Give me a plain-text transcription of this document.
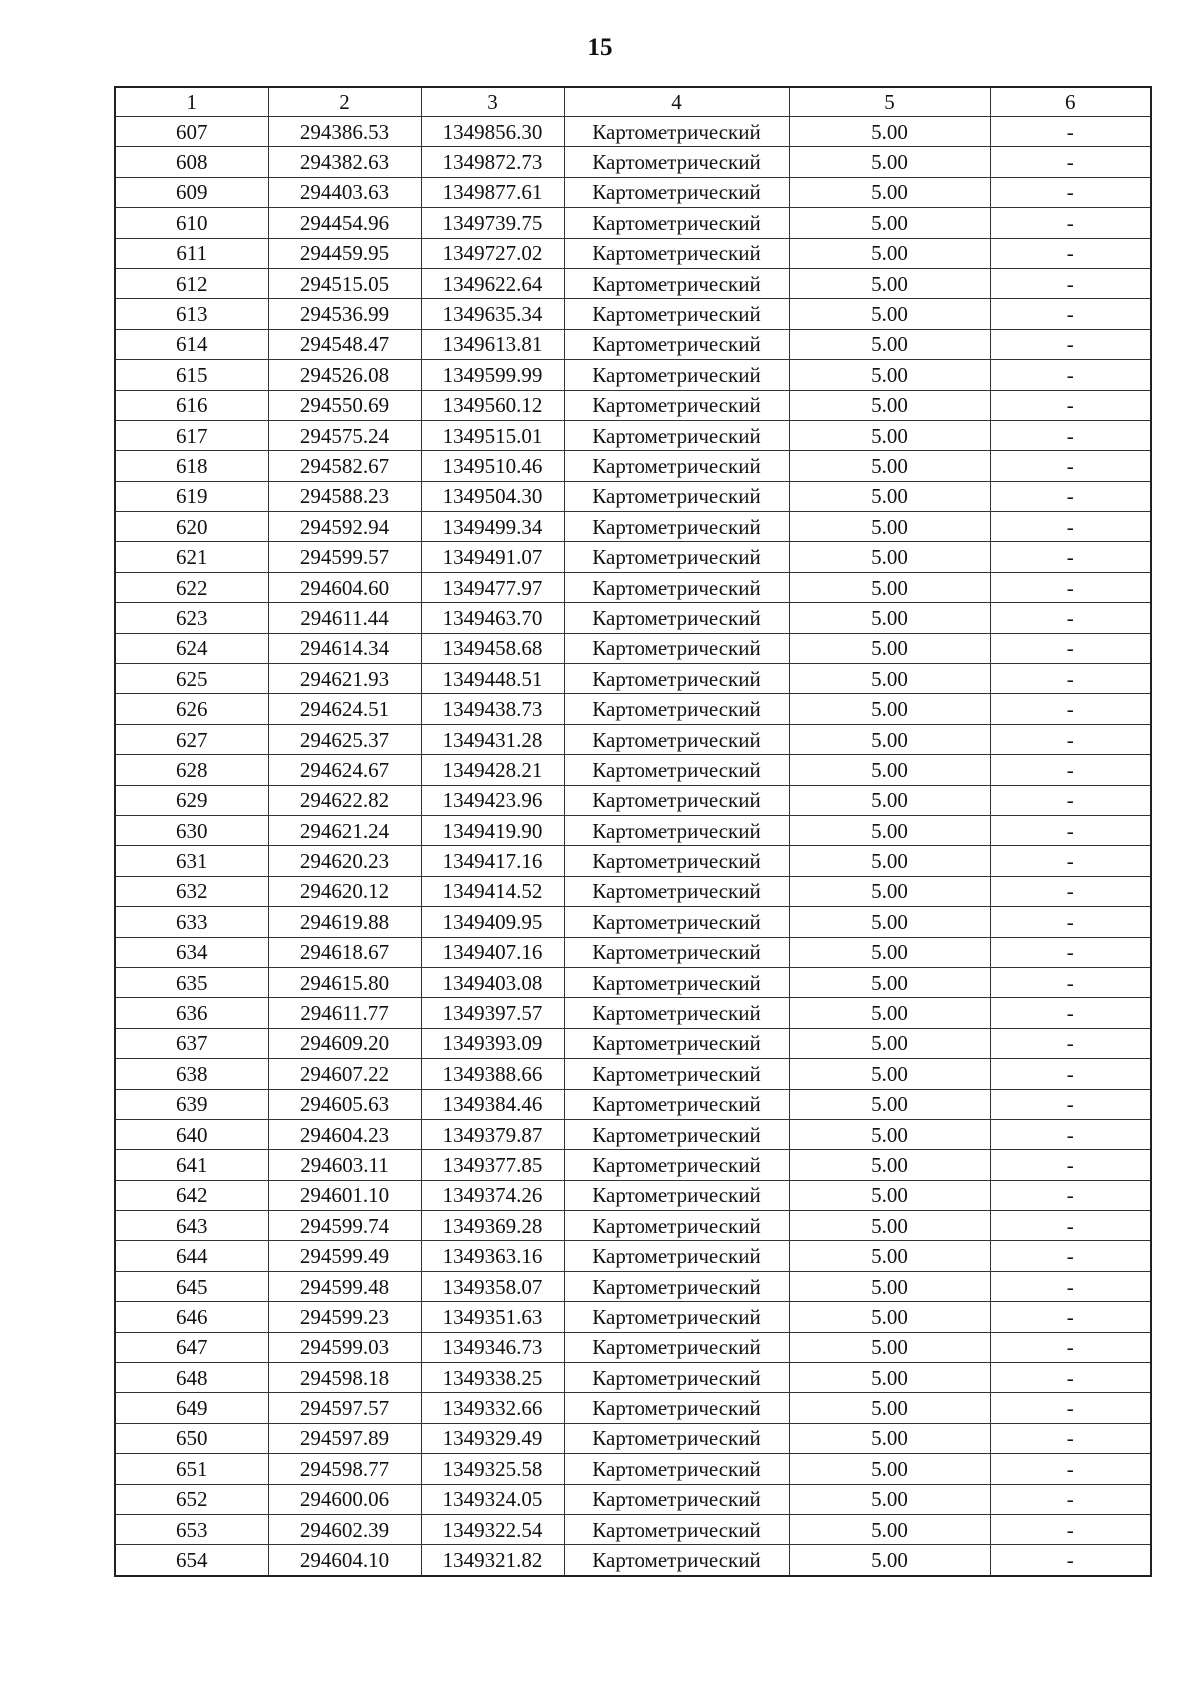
15
1	2	3	4	5	6
607	294386.53	1349856.30	Картометрический	5.00	-
608	294382.63	1349872.73	Картометрический	5.00	-
609	294403.63	1349877.61	Картометрический	5.00	-
610	294454.96	1349739.75	Картометрический	5.00	-
611	294459.95	1349727.02	Картометрический	5.00	-
612	294515.05	1349622.64	Картометрический	5.00	-
613	294536.99	1349635.34	Картометрический	5.00	-
614	294548.47	1349613.81	Картометрический	5.00	-
615	294526.08	1349599.99	Картометрический	5.00	-
616	294550.69	1349560.12	Картометрический	5.00	-
617	294575.24	1349515.01	Картометрический	5.00	-
618	294582.67	1349510.46	Картометрический	5.00	-
619	294588.23	1349504.30	Картометрический	5.00	-
620	294592.94	1349499.34	Картометрический	5.00	-
621	294599.57	1349491.07	Картометрический	5.00	-
622	294604.60	1349477.97	Картометрический	5.00	-
623	294611.44	1349463.70	Картометрический	5.00	-
624	294614.34	1349458.68	Картометрический	5.00	-
625	294621.93	1349448.51	Картометрический	5.00	-
626	294624.51	1349438.73	Картометрический	5.00	-
627	294625.37	1349431.28	Картометрический	5.00	-
628	294624.67	1349428.21	Картометрический	5.00	-
629	294622.82	1349423.96	Картометрический	5.00	-
630	294621.24	1349419.90	Картометрический	5.00	-
631	294620.23	1349417.16	Картометрический	5.00	-
632	294620.12	1349414.52	Картометрический	5.00	-
633	294619.88	1349409.95	Картометрический	5.00	-
634	294618.67	1349407.16	Картометрический	5.00	-
635	294615.80	1349403.08	Картометрический	5.00	-
636	294611.77	1349397.57	Картометрический	5.00	-
637	294609.20	1349393.09	Картометрический	5.00	-
638	294607.22	1349388.66	Картометрический	5.00	-
639	294605.63	1349384.46	Картометрический	5.00	-
640	294604.23	1349379.87	Картометрический	5.00	-
641	294603.11	1349377.85	Картометрический	5.00	-
642	294601.10	1349374.26	Картометрический	5.00	-
643	294599.74	1349369.28	Картометрический	5.00	-
644	294599.49	1349363.16	Картометрический	5.00	-
645	294599.48	1349358.07	Картометрический	5.00	-
646	294599.23	1349351.63	Картометрический	5.00	-
647	294599.03	1349346.73	Картометрический	5.00	-
648	294598.18	1349338.25	Картометрический	5.00	-
649	294597.57	1349332.66	Картометрический	5.00	-
650	294597.89	1349329.49	Картометрический	5.00	-
651	294598.77	1349325.58	Картометрический	5.00	-
652	294600.06	1349324.05	Картометрический	5.00	-
653	294602.39	1349322.54	Картометрический	5.00	-
654	294604.10	1349321.82	Картометрический	5.00	-
